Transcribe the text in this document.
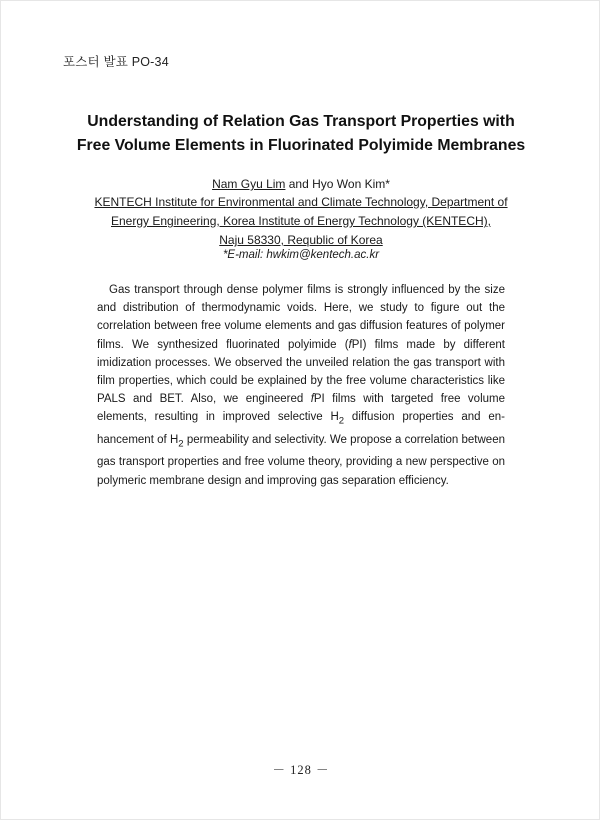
포스터 발표 PO-34
Understanding of Relation Gas Transport Properties with
Free Volume Elements in Fluorinated Polyimide Membranes
Nam Gyu Lim and Hyo Won Kim*
KENTECH Institute for Environmental and Climate Technology, Department of
Energy Engineering, Korea Institute of Energy Technology (KENTECH),
Naju 58330, Requblic of Korea
*E-mail: hwkim@kentech.ac.kr
Gas transport through dense polymer films is strongly influenced by the size and distribution of thermodynamic voids. Here, we study to figure out the correlation between free volume elements and gas diffusion features of polymer films. We synthesized fluorinated polyimide (fPI) films made by different imidization processes. We observed the unveiled relation the gas transport with film properties, which could be explained by the free volume characteristics like PALS and BET. Also, we engineered fPI films with targeted free volume elements, resulting in improved selective $H_2$ diffusion properties and enhancement of $H_2$ permeability and selectivity. We propose a correlation between gas transport properties and free volume theory, providing a new perspective on polymeric membrane design and improving gas separation efficiency.
－ 128 －
